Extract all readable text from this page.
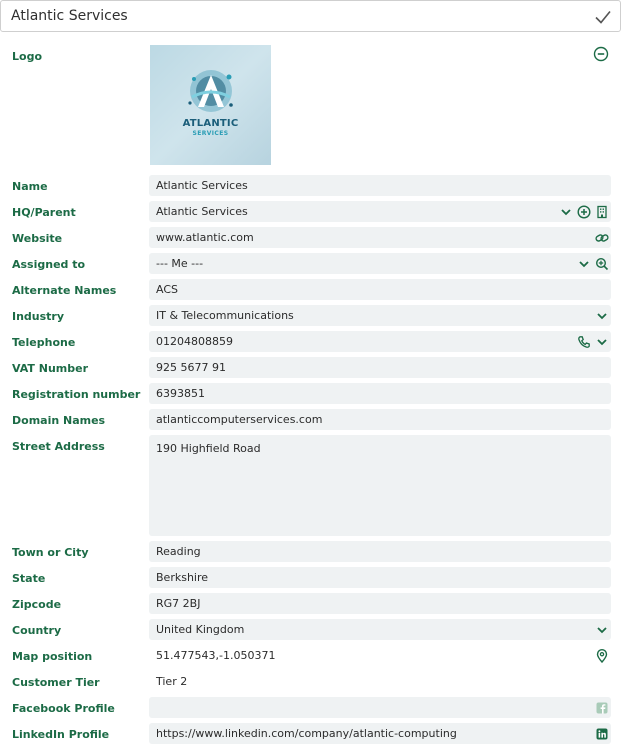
Atlantic Services
Logo
ATLANTIC
SERVICES
Name	Atlantic Services
HQ/Parent	Atlantic Services
Website	www.atlantic.com
Assigned to	--- Me ---
Alternate Names	ACS
Industry	IT & Telecommunications
Telephone	01204808859
VAT Number	925 5677 91
Registration number 6393851
Domain Names	atlanticcomputerservices.com
Street Address	190 Highfield Road
Town or City	Reading
State	Berkshire
Zipcode	RG7 2BJ
Country	United Kingdom
Map position	51.477543,-1.050371
Customer Tier	Tier 2
Facebook Profile
LinkedIn Profile	https://www.linkedin.com/company/atlantic-computing
